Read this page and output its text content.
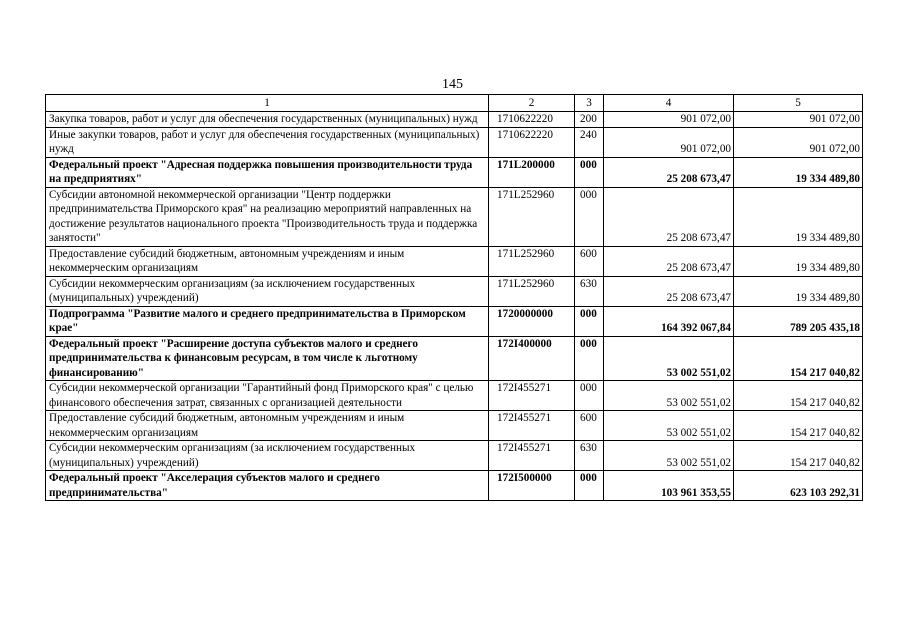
145
1	2	3	4	5
Закупка товаров, работ и услуг для обеспечения государственных (муниципальных) нужд	1710622220	200	901 072,00	901 072,00
Иные закупки товаров, работ и услуг для обеспечения государственных (муниципальных) нужд	1710622220	240	901 072,00	901 072,00
Федеральный проект "Адресная поддержка повышения производительности труда на предприятиях"	171L200000	000	25 208 673,47	19 334 489,80
Субсидии автономной некоммерческой организации "Центр поддержки предпринимательства Приморского края" на реализацию мероприятий направленных на достижение результатов национального проекта "Производительность труда и поддержка занятости"	171L252960	000	25 208 673,47	19 334 489,80
Предоставление субсидий бюджетным, автономным учреждениям и иным некоммерческим организациям	171L252960	600	25 208 673,47	19 334 489,80
Субсидии некоммерческим организациям (за исключением государственных (муниципальных) учреждений)	171L252960	630	25 208 673,47	19 334 489,80
Подпрограмма "Развитие малого и среднего предпринимательства в Приморском крае"	1720000000	000	164 392 067,84	789 205 435,18
Федеральный проект "Расширение доступа субъектов малого и среднего предпринимательства к финансовым ресурсам, в том числе к льготному финансированию"	172I400000	000	53 002 551,02	154 217 040,82
Субсидии некоммерческой организации "Гарантийный фонд Приморского края" с целью финансового обеспечения затрат, связанных с организацией деятельности	172I455271	000	53 002 551,02	154 217 040,82
Предоставление субсидий бюджетным, автономным учреждениям и иным некоммерческим организациям	172I455271	600	53 002 551,02	154 217 040,82
Субсидии некоммерческим организациям (за исключением государственных (муниципальных) учреждений)	172I455271	630	53 002 551,02	154 217 040,82
Федеральный проект "Акселерация субъектов малого и среднего предпринимательства"	172I500000	000	103 961 353,55	623 103 292,31
